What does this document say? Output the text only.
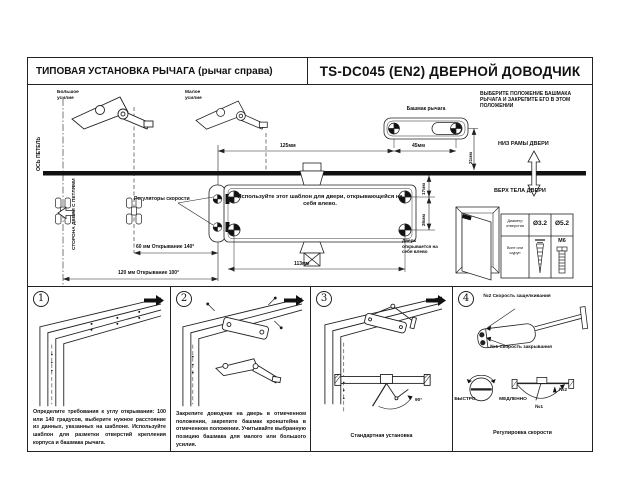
ТИПОВАЯ УСТАНОВКА РЫЧАГА (рычаг справа)	TS-DC045 (EN2) ДВЕРНОЙ ДОВОДЧИК
ОСЬ ПЕТЕЛЬ
Большое усилие
Малое усилие
Башмак рычага
ВЫБЕРИТЕ ПОЛОЖЕНИЕ БАШМАКА РЫЧАГА И ЗАКРЕПИТЕ ЕГО В ЭТОМ ПОЛОЖЕНИИ
НИЗ РАМЫ ДВЕРИ
ВЕРХ ТЕЛА ДВЕРИ
СТОРОНА ДВЕРИ С ПЕТЛЯМИ	Регуляторы скорости	Используйте этот шаблон для двери, открывающейся на себя влево.
Дверь открывается на себя влево
125мм	45мм
21мм
17мм
26мм
113мм
60 мм Открывание 140°
120 мм Открывание 100°
Диаметр отверстия	Ø3.2	Ø5.2
Винт или шуруп
М6
1
Определите требования к углу открывания: 100 или 140 градусов, выберите нужное расстояние из данных, указанных на шаблоне. Используйте шаблон для разметки отверстий крепления корпуса и башмака рычага.
2
Закрепите доводчик на дверь в отмеченном положении, закрепите башмак кронштейна в отмеченном положении. Учитывайте выбранную позицию башмака для малого или большого усилия.
3
90°
Стандартная установка
4	№2 Скорость защелкивания
№1 Скорость закрывания
БЫСТРО	МЕДЛЕННО
№1
№2
Регулировка скорости
